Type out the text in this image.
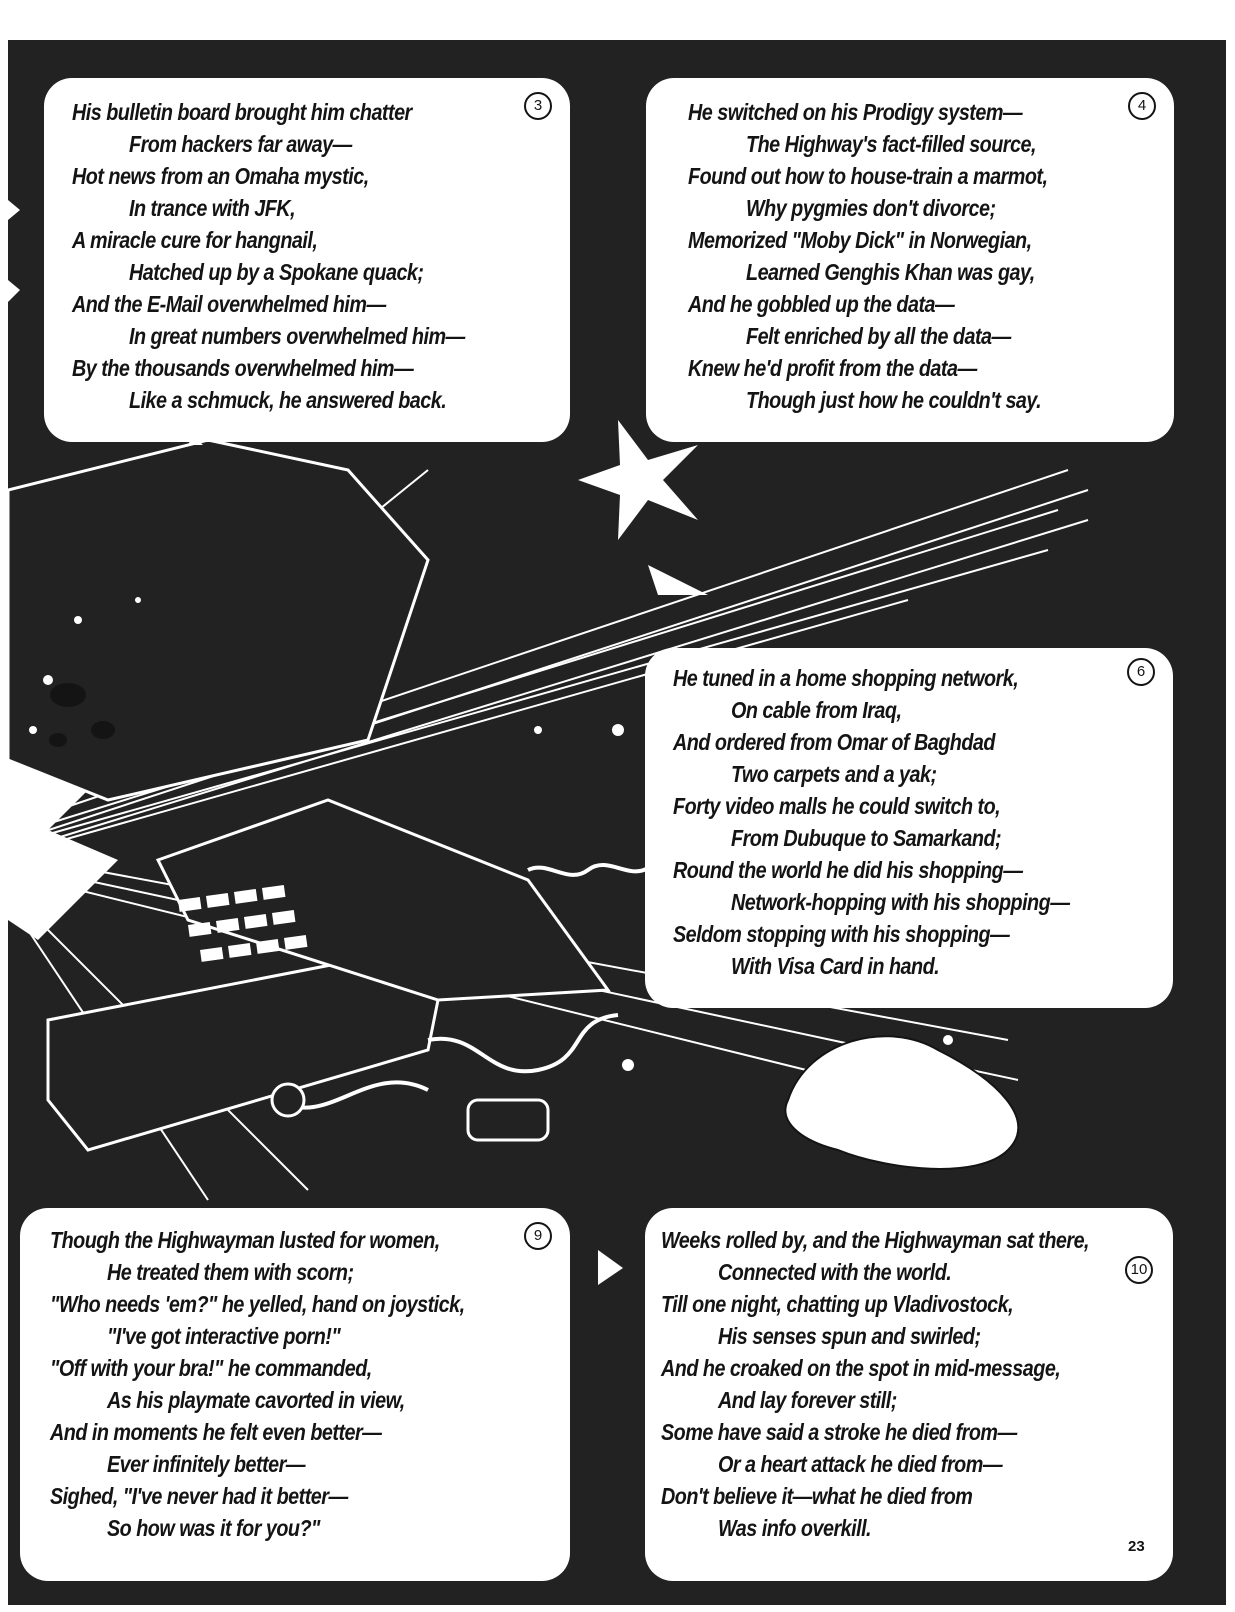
3
His bulletin board brought him chatter
From hackers far away—
Hot news from an Omaha mystic,
In trance with JFK,
A miracle cure for hangnail,
Hatched up by a Spokane quack;
And the E-Mail overwhelmed him—
In great numbers overwhelmed him—
By the thousands overwhelmed him—
Like a schmuck, he answered back.
4
He switched on his Prodigy system—
The Highway's fact-filled source,
Found out how to house-train a marmot,
Why pygmies don't divorce;
Memorized "Moby Dick" in Norwegian,
Learned Genghis Khan was gay,
And he gobbled up the data—
Felt enriched by all the data—
Knew he'd profit from the data—
Though just how he couldn't say.
6
He tuned in a home shopping network,
On cable from Iraq,
And ordered from Omar of Baghdad
Two carpets and a yak;
Forty video malls he could switch to,
From Dubuque to Samarkand;
Round the world he did his shopping—
Network-hopping with his shopping—
Seldom stopping with his shopping—
With Visa Card in hand.
9
Though the Highwayman lusted for women,
He treated them with scorn;
"Who needs 'em?" he yelled, hand on joystick,
"I've got interactive porn!"
"Off with your bra!" he commanded,
As his playmate cavorted in view,
And in moments he felt even better—
Ever infinitely better—
Sighed, "I've never had it better—
So how was it for you?"
10
Weeks rolled by, and the Highwayman sat there,
Connected with the world.
Till one night, chatting up Vladivostock,
His senses spun and swirled;
And he croaked on the spot in mid-message,
And lay forever still;
Some have said a stroke he died from—
Or a heart attack he died from—
Don't believe it—what he died from
Was info overkill.
23
